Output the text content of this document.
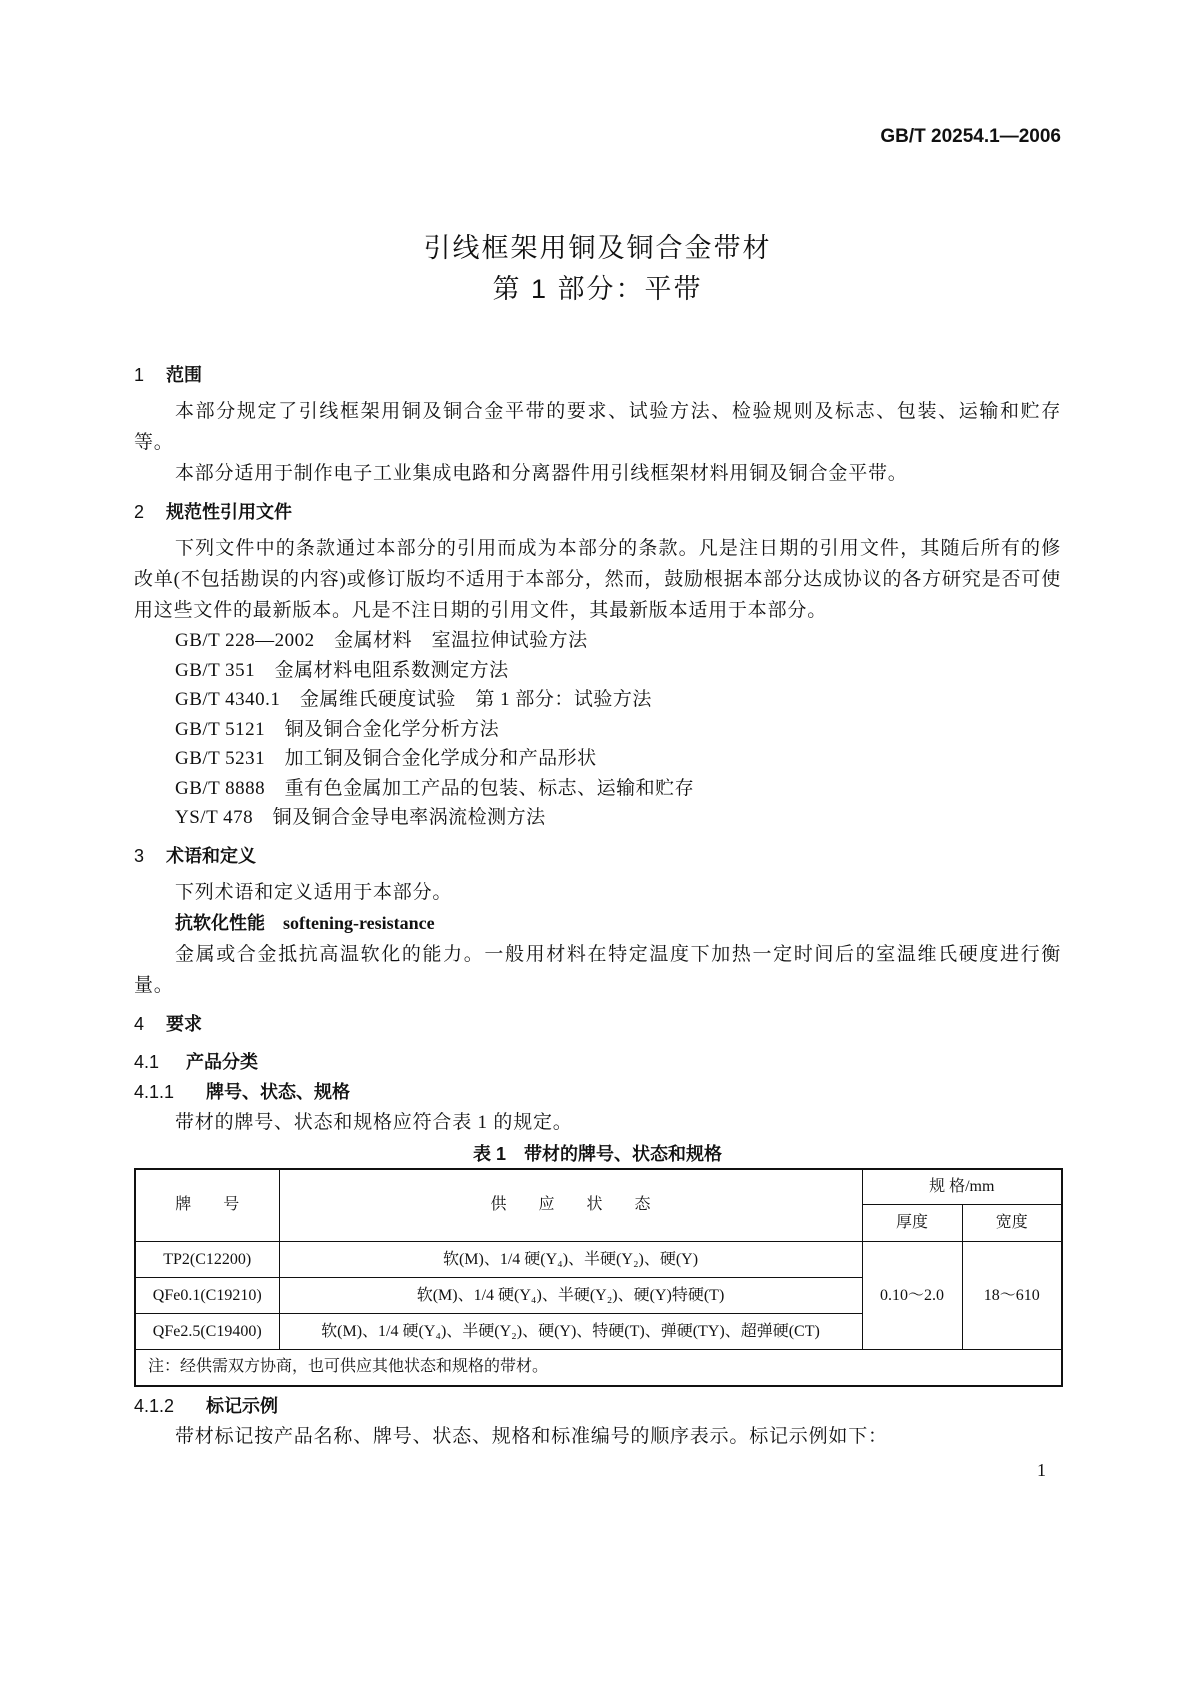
GB/T 20254.1—2006
引线框架用铜及铜合金带材
第 1 部分：平带
1 范围
本部分规定了引线框架用铜及铜合金平带的要求、试验方法、检验规则及标志、包装、运输和贮存等。
本部分适用于制作电子工业集成电路和分离器件用引线框架材料用铜及铜合金平带。
2 规范性引用文件
下列文件中的条款通过本部分的引用而成为本部分的条款。凡是注日期的引用文件，其随后所有的修改单(不包括勘误的内容)或修订版均不适用于本部分，然而，鼓励根据本部分达成协议的各方研究是否可使用这些文件的最新版本。凡是不注日期的引用文件，其最新版本适用于本部分。
GB/T 228—2002　金属材料　室温拉伸试验方法
GB/T 351　金属材料电阻系数测定方法
GB/T 4340.1　金属维氏硬度试验　第 1 部分：试验方法
GB/T 5121　铜及铜合金化学分析方法
GB/T 5231　加工铜及铜合金化学成分和产品形状
GB/T 8888　重有色金属加工产品的包装、标志、运输和贮存
YS/T 478　铜及铜合金导电率涡流检测方法
3 术语和定义
下列术语和定义适用于本部分。
抗软化性能　softening-resistance
金属或合金抵抗高温软化的能力。一般用材料在特定温度下加热一定时间后的室温维氏硬度进行衡量。
4 要求
4.1 产品分类
4.1.1 牌号、状态、规格
带材的牌号、状态和规格应符合表 1 的规定。
表 1　带材的牌号、状态和规格
牌　　号	供　　应　　状　　态	规 格/mm	
		厚度	宽度
TP2(C12200)	软(M)、1/4 硬(Y₄)、半硬(Y₂)、硬(Y)	0.10～2.0	18～610
QFe0.1(C19210)	软(M)、1/4 硬(Y₄)、半硬(Y₂)、硬(Y)特硬(T)		
QFe2.5(C19400)	软(M)、1/4 硬(Y₄)、半硬(Y₂)、硬(Y)、特硬(T)、弹硬(TY)、超弹硬(CT)		
注：经供需双方协商，也可供应其他状态和规格的带材。			
4.1.2 标记示例
带材标记按产品名称、牌号、状态、规格和标准编号的顺序表示。标记示例如下：
1
